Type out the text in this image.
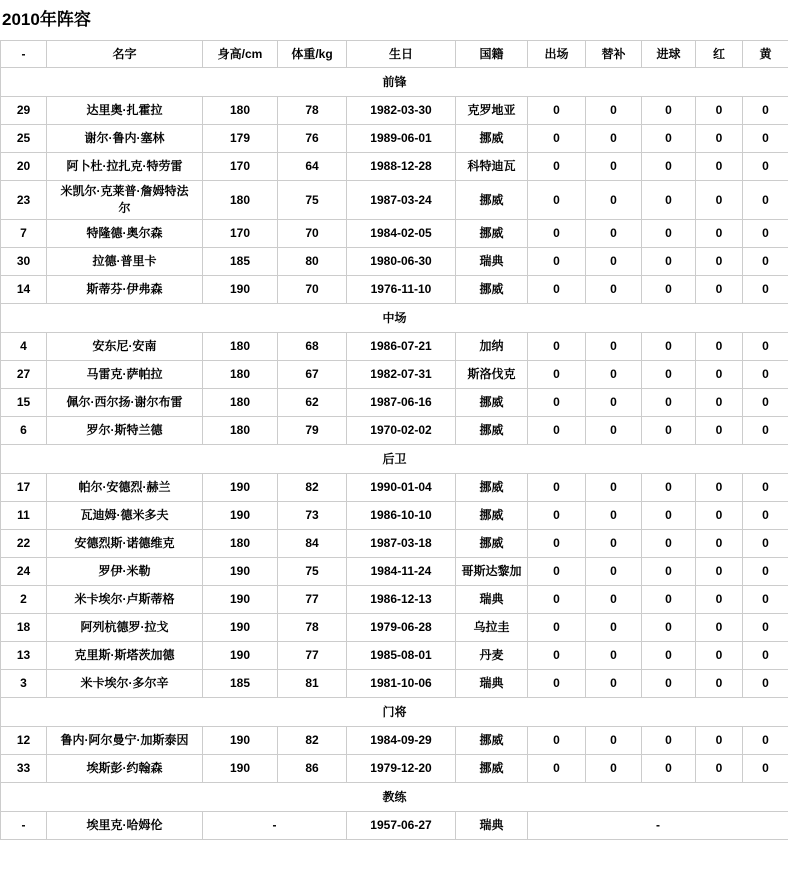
2010年阵容
-	名字	身高/cm	体重/kg	生日	国籍	出场	替补	进球	红	黄
前锋										
29	达里奥·扎霍拉	180	78	1982-03-30	克罗地亚	0	0	0	0	0
25	谢尔·鲁内·塞林	179	76	1989-06-01	挪威	0	0	0	0	0
20	阿卜杜·拉扎克·特劳雷	170	64	1988-12-28	科特迪瓦	0	0	0	0	0
23	米凯尔·克莱普·詹姆特法尔	180	75	1987-03-24	挪威	0	0	0	0	0
7	特隆德·奥尔森	170	70	1984-02-05	挪威	0	0	0	0	0
30	拉德·普里卡	185	80	1980-06-30	瑞典	0	0	0	0	0
14	斯蒂芬·伊弗森	190	70	1976-11-10	挪威	0	0	0	0	0
中场										
4	安东尼·安南	180	68	1986-07-21	加纳	0	0	0	0	0
27	马雷克·萨帕拉	180	67	1982-07-31	斯洛伐克	0	0	0	0	0
15	佩尔·西尔扬·谢尔布雷	180	62	1987-06-16	挪威	0	0	0	0	0
6	罗尔·斯特兰德	180	79	1970-02-02	挪威	0	0	0	0	0
后卫										
17	帕尔·安德烈·赫兰	190	82	1990-01-04	挪威	0	0	0	0	0
11	瓦迪姆·德米多夫	190	73	1986-10-10	挪威	0	0	0	0	0
22	安德烈斯·诺德维克	180	84	1987-03-18	挪威	0	0	0	0	0
24	罗伊·米勒	190	75	1984-11-24	哥斯达黎加	0	0	0	0	0
2	米卡埃尔·卢斯蒂格	190	77	1986-12-13	瑞典	0	0	0	0	0
18	阿列杭德罗·拉戈	190	78	1979-06-28	乌拉圭	0	0	0	0	0
13	克里斯·斯塔茨加德	190	77	1985-08-01	丹麦	0	0	0	0	0
3	米卡埃尔·多尔辛	185	81	1981-10-06	瑞典	0	0	0	0	0
门将										
12	鲁内·阿尔曼宁·加斯泰因	190	82	1984-09-29	挪威	0	0	0	0	0
33	埃斯彭·约翰森	190	86	1979-12-20	挪威	0	0	0	0	0
教练										
-	埃里克·哈姆伦	-		1957-06-27	瑞典	-				
